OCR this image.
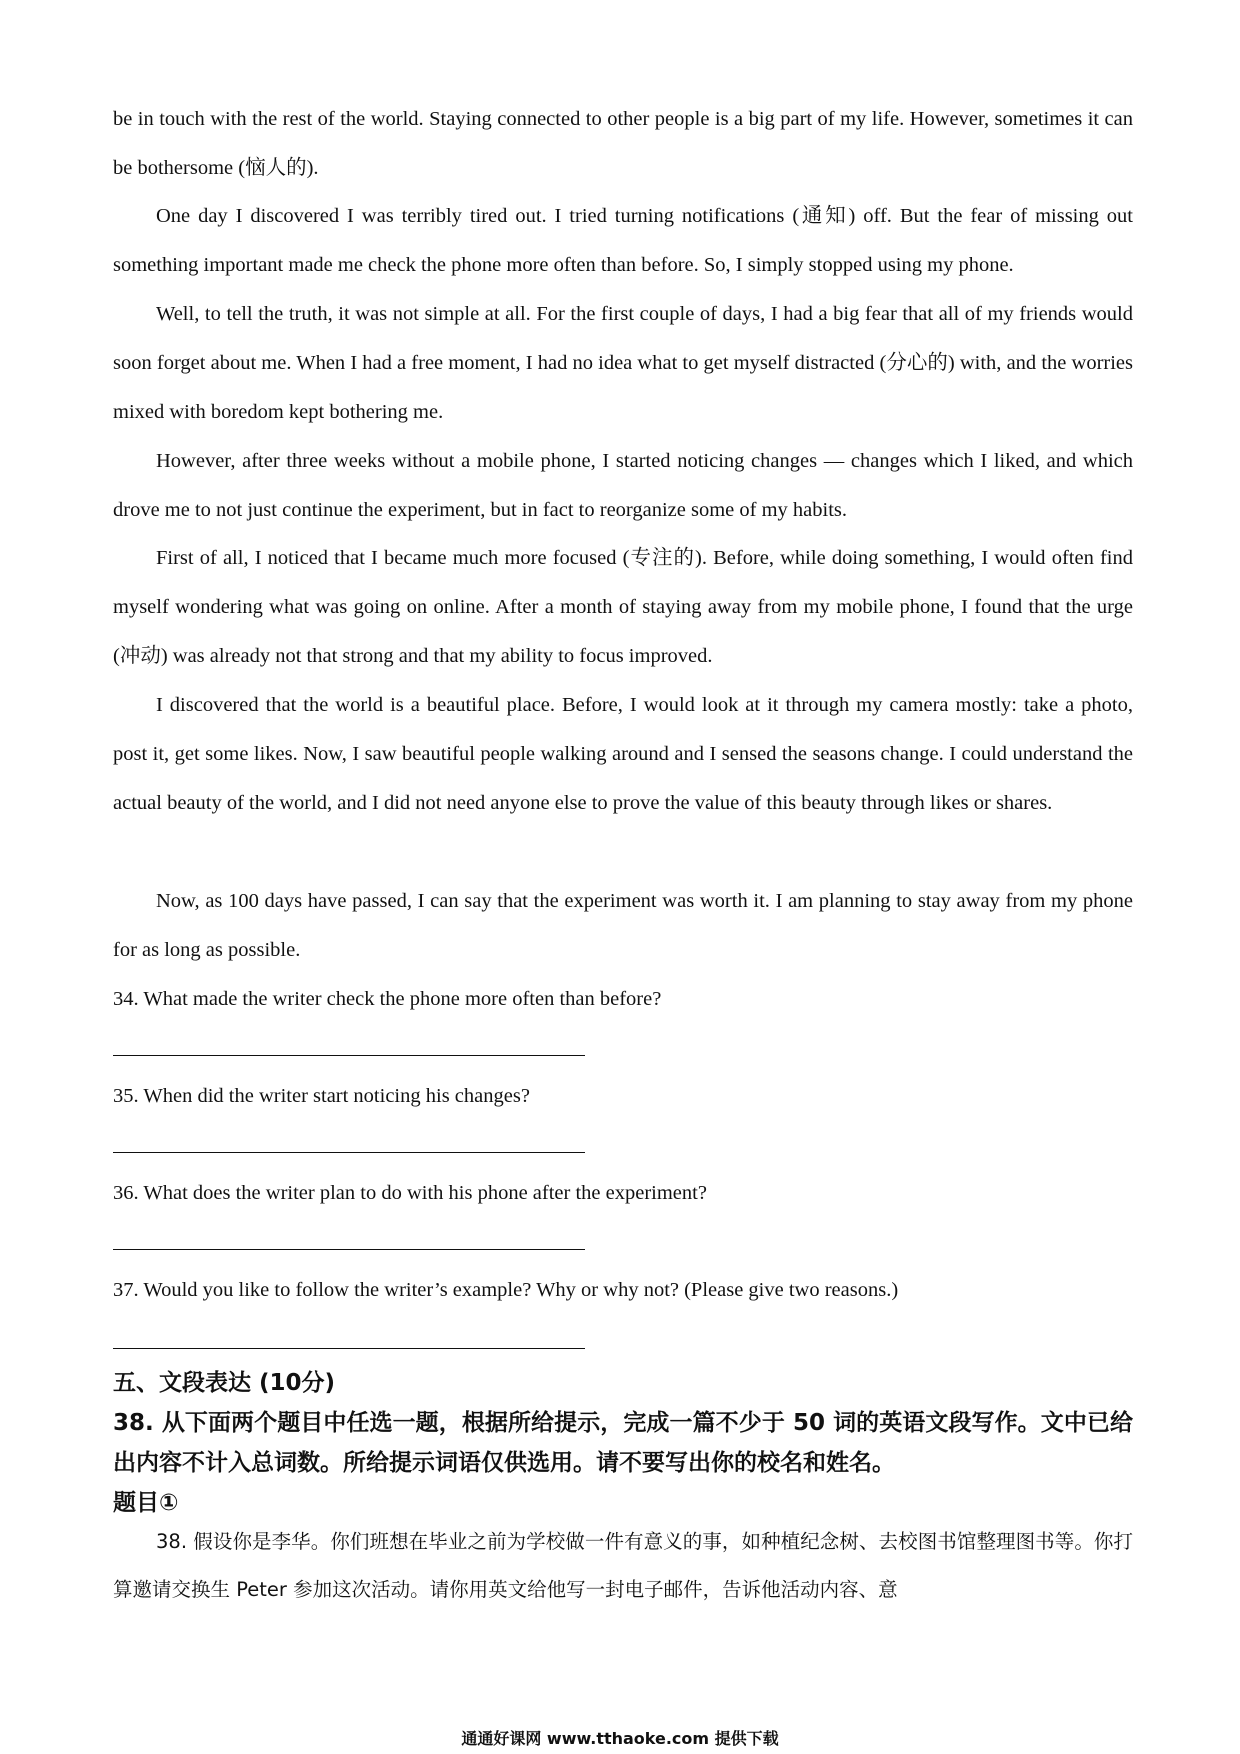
be in touch with the rest of the world. Staying connected to other people is a big part of my life. However, sometimes it can be bothersome (恼人的).

One day I discovered I was terribly tired out. I tried turning notifications (通知) off. But the fear of missing out something important made me check the phone more often than before. So, I simply stopped using my phone.

Well, to tell the truth, it was not simple at all. For the first couple of days, I had a big fear that all of my friends would soon forget about me. When I had a free moment, I had no idea what to get myself distracted (分心的) with, and the worries mixed with boredom kept bothering me.

However, after three weeks without a mobile phone, I started noticing changes — changes which I liked, and which drove me to not just continue the experiment, but in fact to reorganize some of my habits.

First of all, I noticed that I became much more focused (专注的). Before, while doing something, I would often find myself wondering what was going on online. After a month of staying away from my mobile phone, I found that the urge (冲动) was already not that strong and that my ability to focus improved.

I discovered that the world is a beautiful place. Before, I would look at it through my camera mostly: take a photo, post it, get some likes. Now, I saw beautiful people walking around and I sensed the seasons change. I could understand the actual beauty of the world, and I did not need anyone else to prove the value of this beauty through likes or shares.

Now, as 100 days have passed, I can say that the experiment was worth it. I am planning to stay away from my phone for as long as possible.

34. What made the writer check the phone more often than before?

35. When did the writer start noticing his changes?

36. What does the writer plan to do with his phone after the experiment?

37. Would you like to follow the writer’s example? Why or why not? (Please give two reasons.)

五、文段表达 (10分)

38. 从下面两个题目中任选一题，根据所给提示，完成一篇不少于 50 词的英语文段写作。文中已给出内容不计入总词数。所给提示词语仅供选用。请不要写出你的校名和姓名。

题目①

38. 假设你是李华。你们班想在毕业之前为学校做一件有意义的事，如种植纪念树、去校图书馆整理图书等。你打算邀请交换生 Peter 参加这次活动。请你用英文给他写一封电子邮件，告诉他活动内容、意

通通好课网 www.tthaoke.com 提供下载
